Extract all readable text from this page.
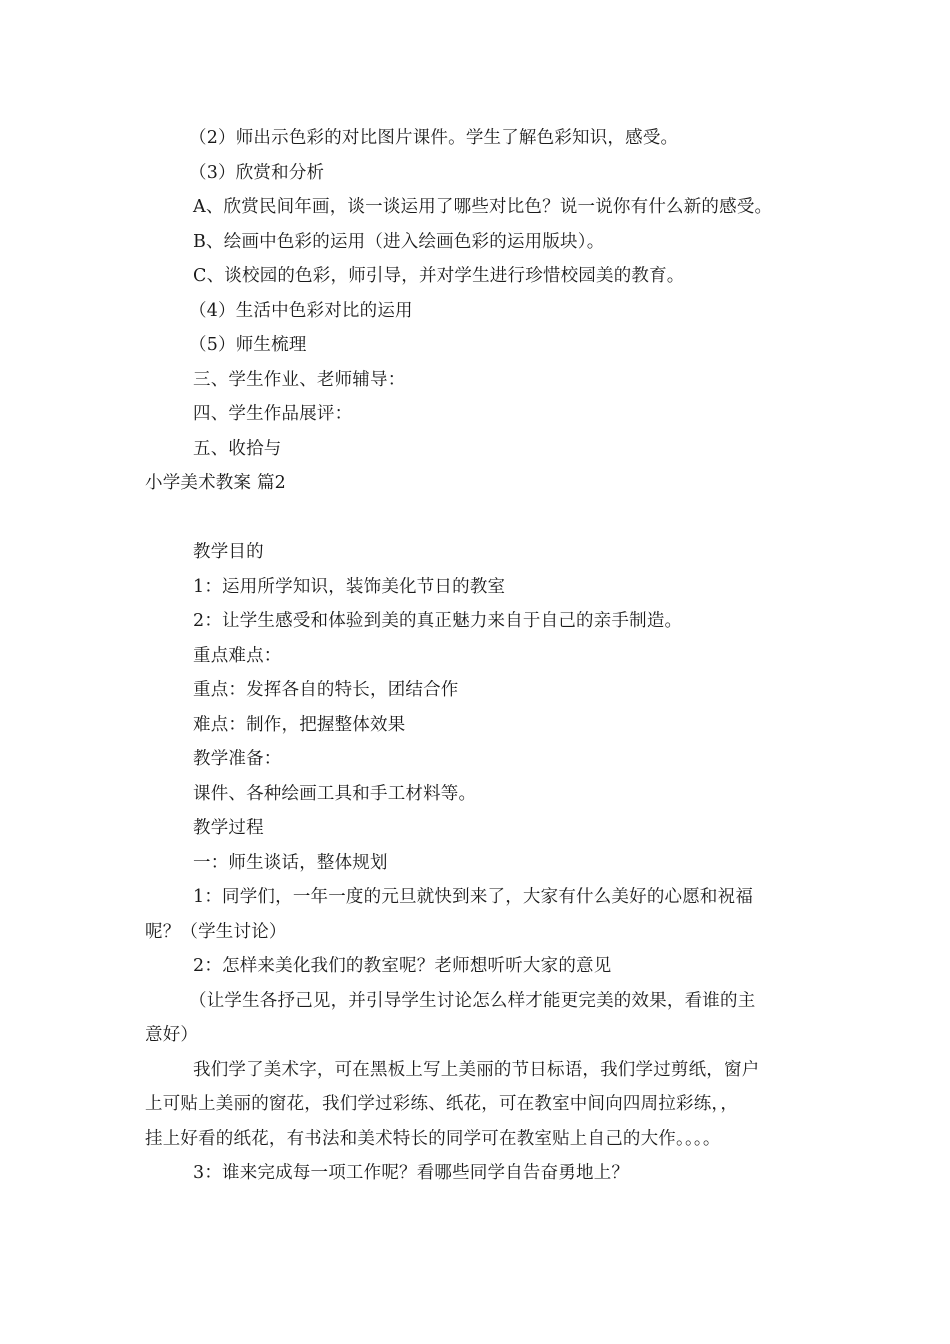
（2）师出示色彩的对比图片课件。学生了解色彩知识，感受。
（3）欣赏和分析
A、欣赏民间年画，谈一谈运用了哪些对比色？说一说你有什么新的感受。
B、绘画中色彩的运用（进入绘画色彩的运用版块）。
C、谈校园的色彩，师引导，并对学生进行珍惜校园美的教育。
（4）生活中色彩对比的运用
（5）师生梳理
三、学生作业、老师辅导：
四、学生作品展评：
五、收拾与
小学美术教案 篇2
教学目的
1：运用所学知识，装饰美化节日的教室
2：让学生感受和体验到美的真正魅力来自于自己的亲手制造。
重点难点：
重点：发挥各自的特长，团结合作
难点：制作，把握整体效果
教学准备：
课件、各种绘画工具和手工材料等。
教学过程
一：师生谈话，整体规划
1：同学们，一年一度的元旦就快到来了，大家有什么美好的心愿和祝福
呢？（学生讨论）
2：怎样来美化我们的教室呢？老师想听听大家的意见
（让学生各抒己见，并引导学生讨论怎么样才能更完美的效果，看谁的主
意好）
我们学了美术字，可在黑板上写上美丽的节日标语，我们学过剪纸，窗户
上可贴上美丽的窗花，我们学过彩练、纸花，可在教室中间向四周拉彩练，，
挂上好看的纸花，有书法和美术特长的同学可在教室贴上自己的大作。。。。
3：谁来完成每一项工作呢？看哪些同学自告奋勇地上？
